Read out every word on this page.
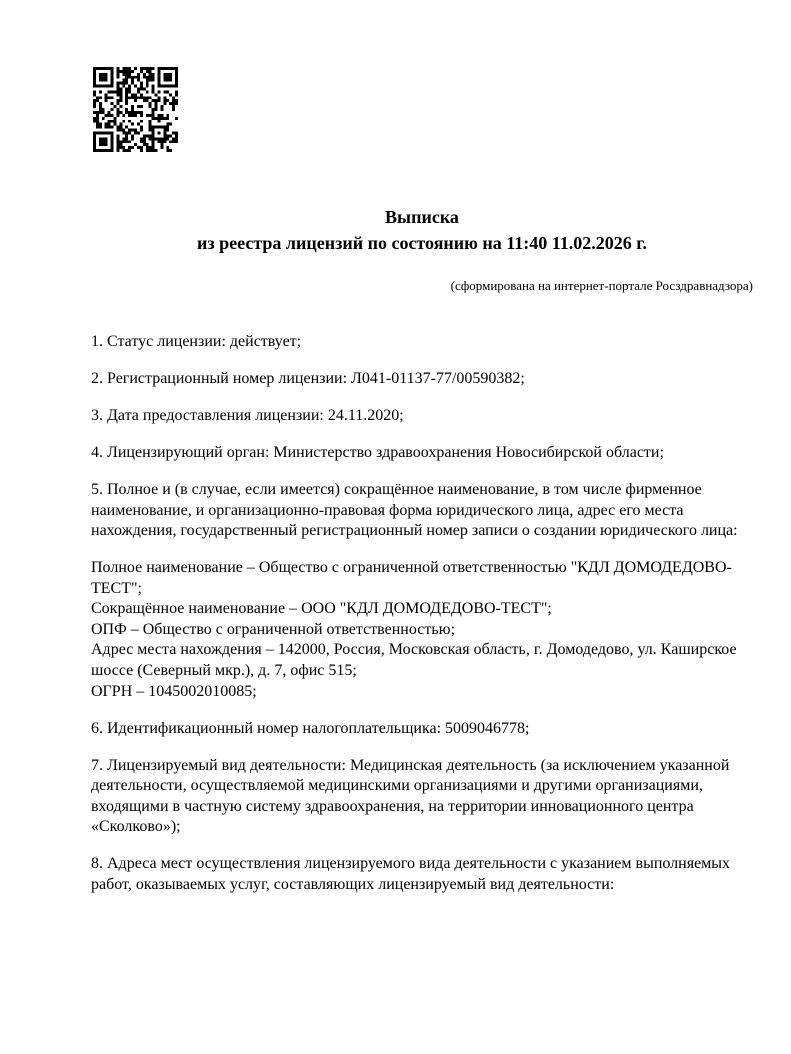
Выписка
из реестра лицензий по состоянию на 11:40 11.02.2026 г.
(сформирована на интернет-портале Росздравнадзора)

1. Статус лицензии: действует;

2. Регистрационный номер лицензии: Л041-01137-77/00590382;

3. Дата предоставления лицензии: 24.11.2020;

4. Лицензирующий орган: Министерство здравоохранения Новосибирской области;

5. Полное и (в случае, если имеется) сокращённое наименование, в том числе фирменное наименование, и организационно-правовая форма юридического лица, адрес его места нахождения, государственный регистрационный номер записи о создании юридического лица:

Полное наименование – Общество с ограниченной ответственностью "КДЛ ДОМОДЕДОВО-ТЕСТ";
Сокращённое наименование – ООО "КДЛ ДОМОДЕДОВО-ТЕСТ";
ОПФ – Общество с ограниченной ответственностью;
Адрес места нахождения – 142000, Россия, Московская область, г. Домодедово, ул. Каширское шоссе (Северный мкр.), д. 7, офис 515;
ОГРН – 1045002010085;

6. Идентификационный номер налогоплательщика: 5009046778;

7. Лицензируемый вид деятельности: Медицинская деятельность (за исключением указанной деятельности, осуществляемой медицинскими организациями и другими организациями, входящими в частную систему здравоохранения, на территории инновационного центра «Сколково»);

8. Адреса мест осуществления лицензируемого вида деятельности с указанием выполняемых работ, оказываемых услуг, составляющих лицензируемый вид деятельности:
